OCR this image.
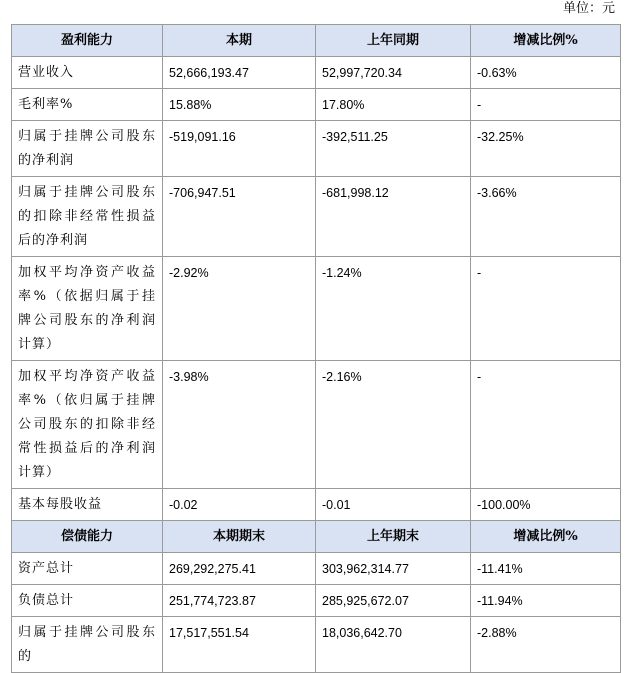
单位：元
盈利能力	本期	上年同期	增减比例%

营业收入	52,666,193.47	52,997,720.34	-0.63%

毛利率%	15.88%	17.80%	-

归属于挂牌公司股东的净利润	-519,091.16	-392,511.25	-32.25%

归属于挂牌公司股东的扣除非经常性损益后的净利润	-706,947.51	-681,998.12	-3.66%

加权平均净资产收益率%（依据归属于挂牌公司股东的净利润计算）	-2.92%	-1.24%	-

加权平均净资产收益率%（依归属于挂牌公司股东的扣除非经常性损益后的净利润计算）	-3.98%	-2.16%	-

基本每股收益	-0.02	-0.01	-100.00%
偿债能力	本期期末	上年期末	增减比例%

资产总计	269,292,275.41	303,962,314.77	-11.41%

负债总计	251,774,723.87	285,925,672.07	-11.94%

归属于挂牌公司股东的	17,517,551.54	18,036,642.70	-2.88%
